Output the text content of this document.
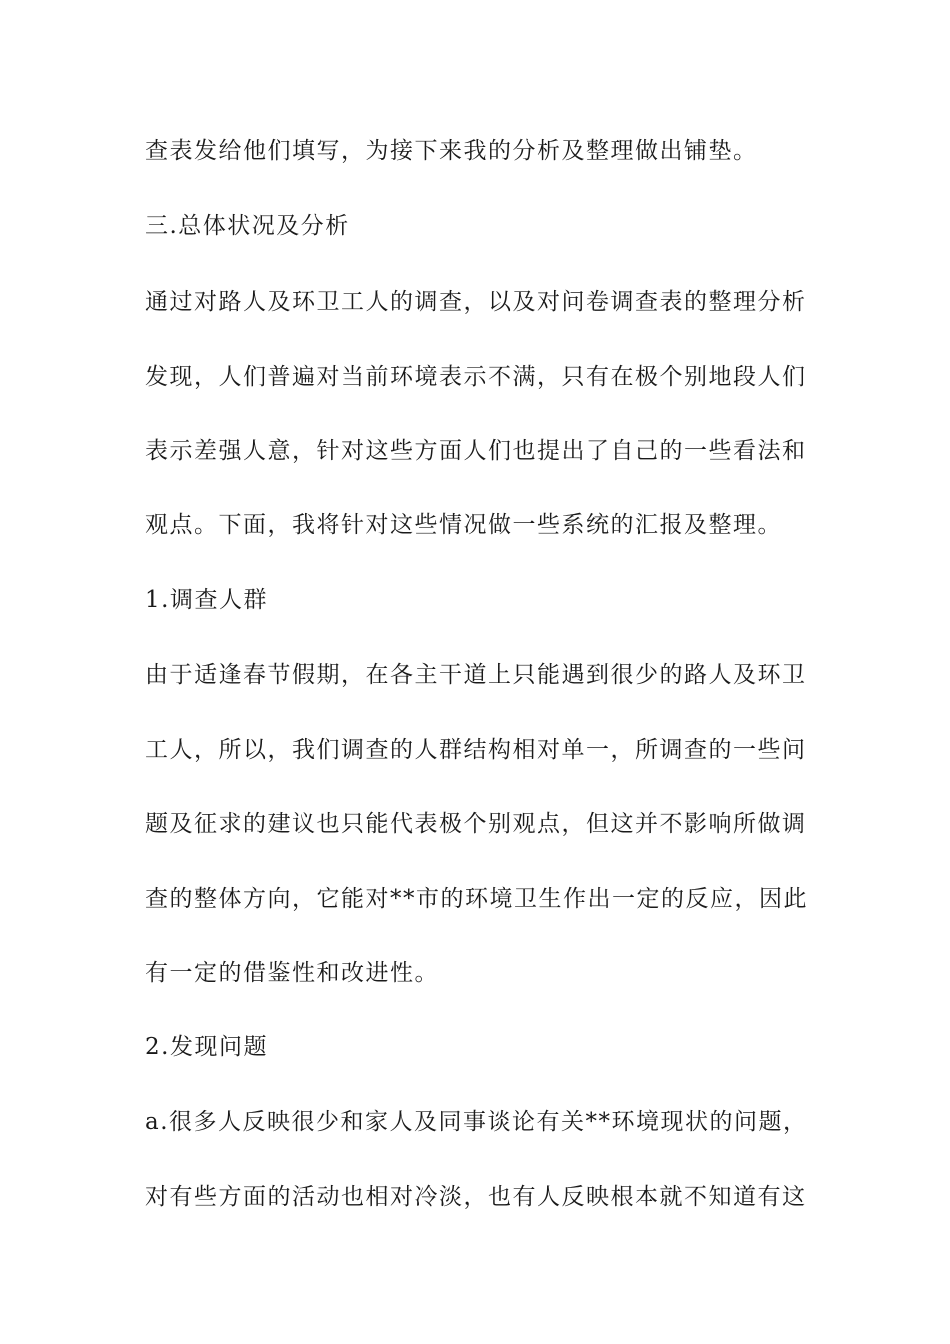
查表发给他们填写，为接下来我的分析及整理做出铺垫。
三.总体状况及分析
通过对路人及环卫工人的调查，以及对问卷调查表的整理分析
发现，人们普遍对当前环境表示不满，只有在极个别地段人们
表示差强人意，针对这些方面人们也提出了自己的一些看法和
观点。下面，我将针对这些情况做一些系统的汇报及整理。
1.调查人群
由于适逢春节假期，在各主干道上只能遇到很少的路人及环卫
工人，所以，我们调查的人群结构相对单一，所调查的一些问
题及征求的建议也只能代表极个别观点，但这并不影响所做调
查的整体方向，它能对**市的环境卫生作出一定的反应，因此
有一定的借鉴性和改进性。
2.发现问题
a.很多人反映很少和家人及同事谈论有关**环境现状的问题，
对有些方面的活动也相对冷淡，也有人反映根本就不知道有这
